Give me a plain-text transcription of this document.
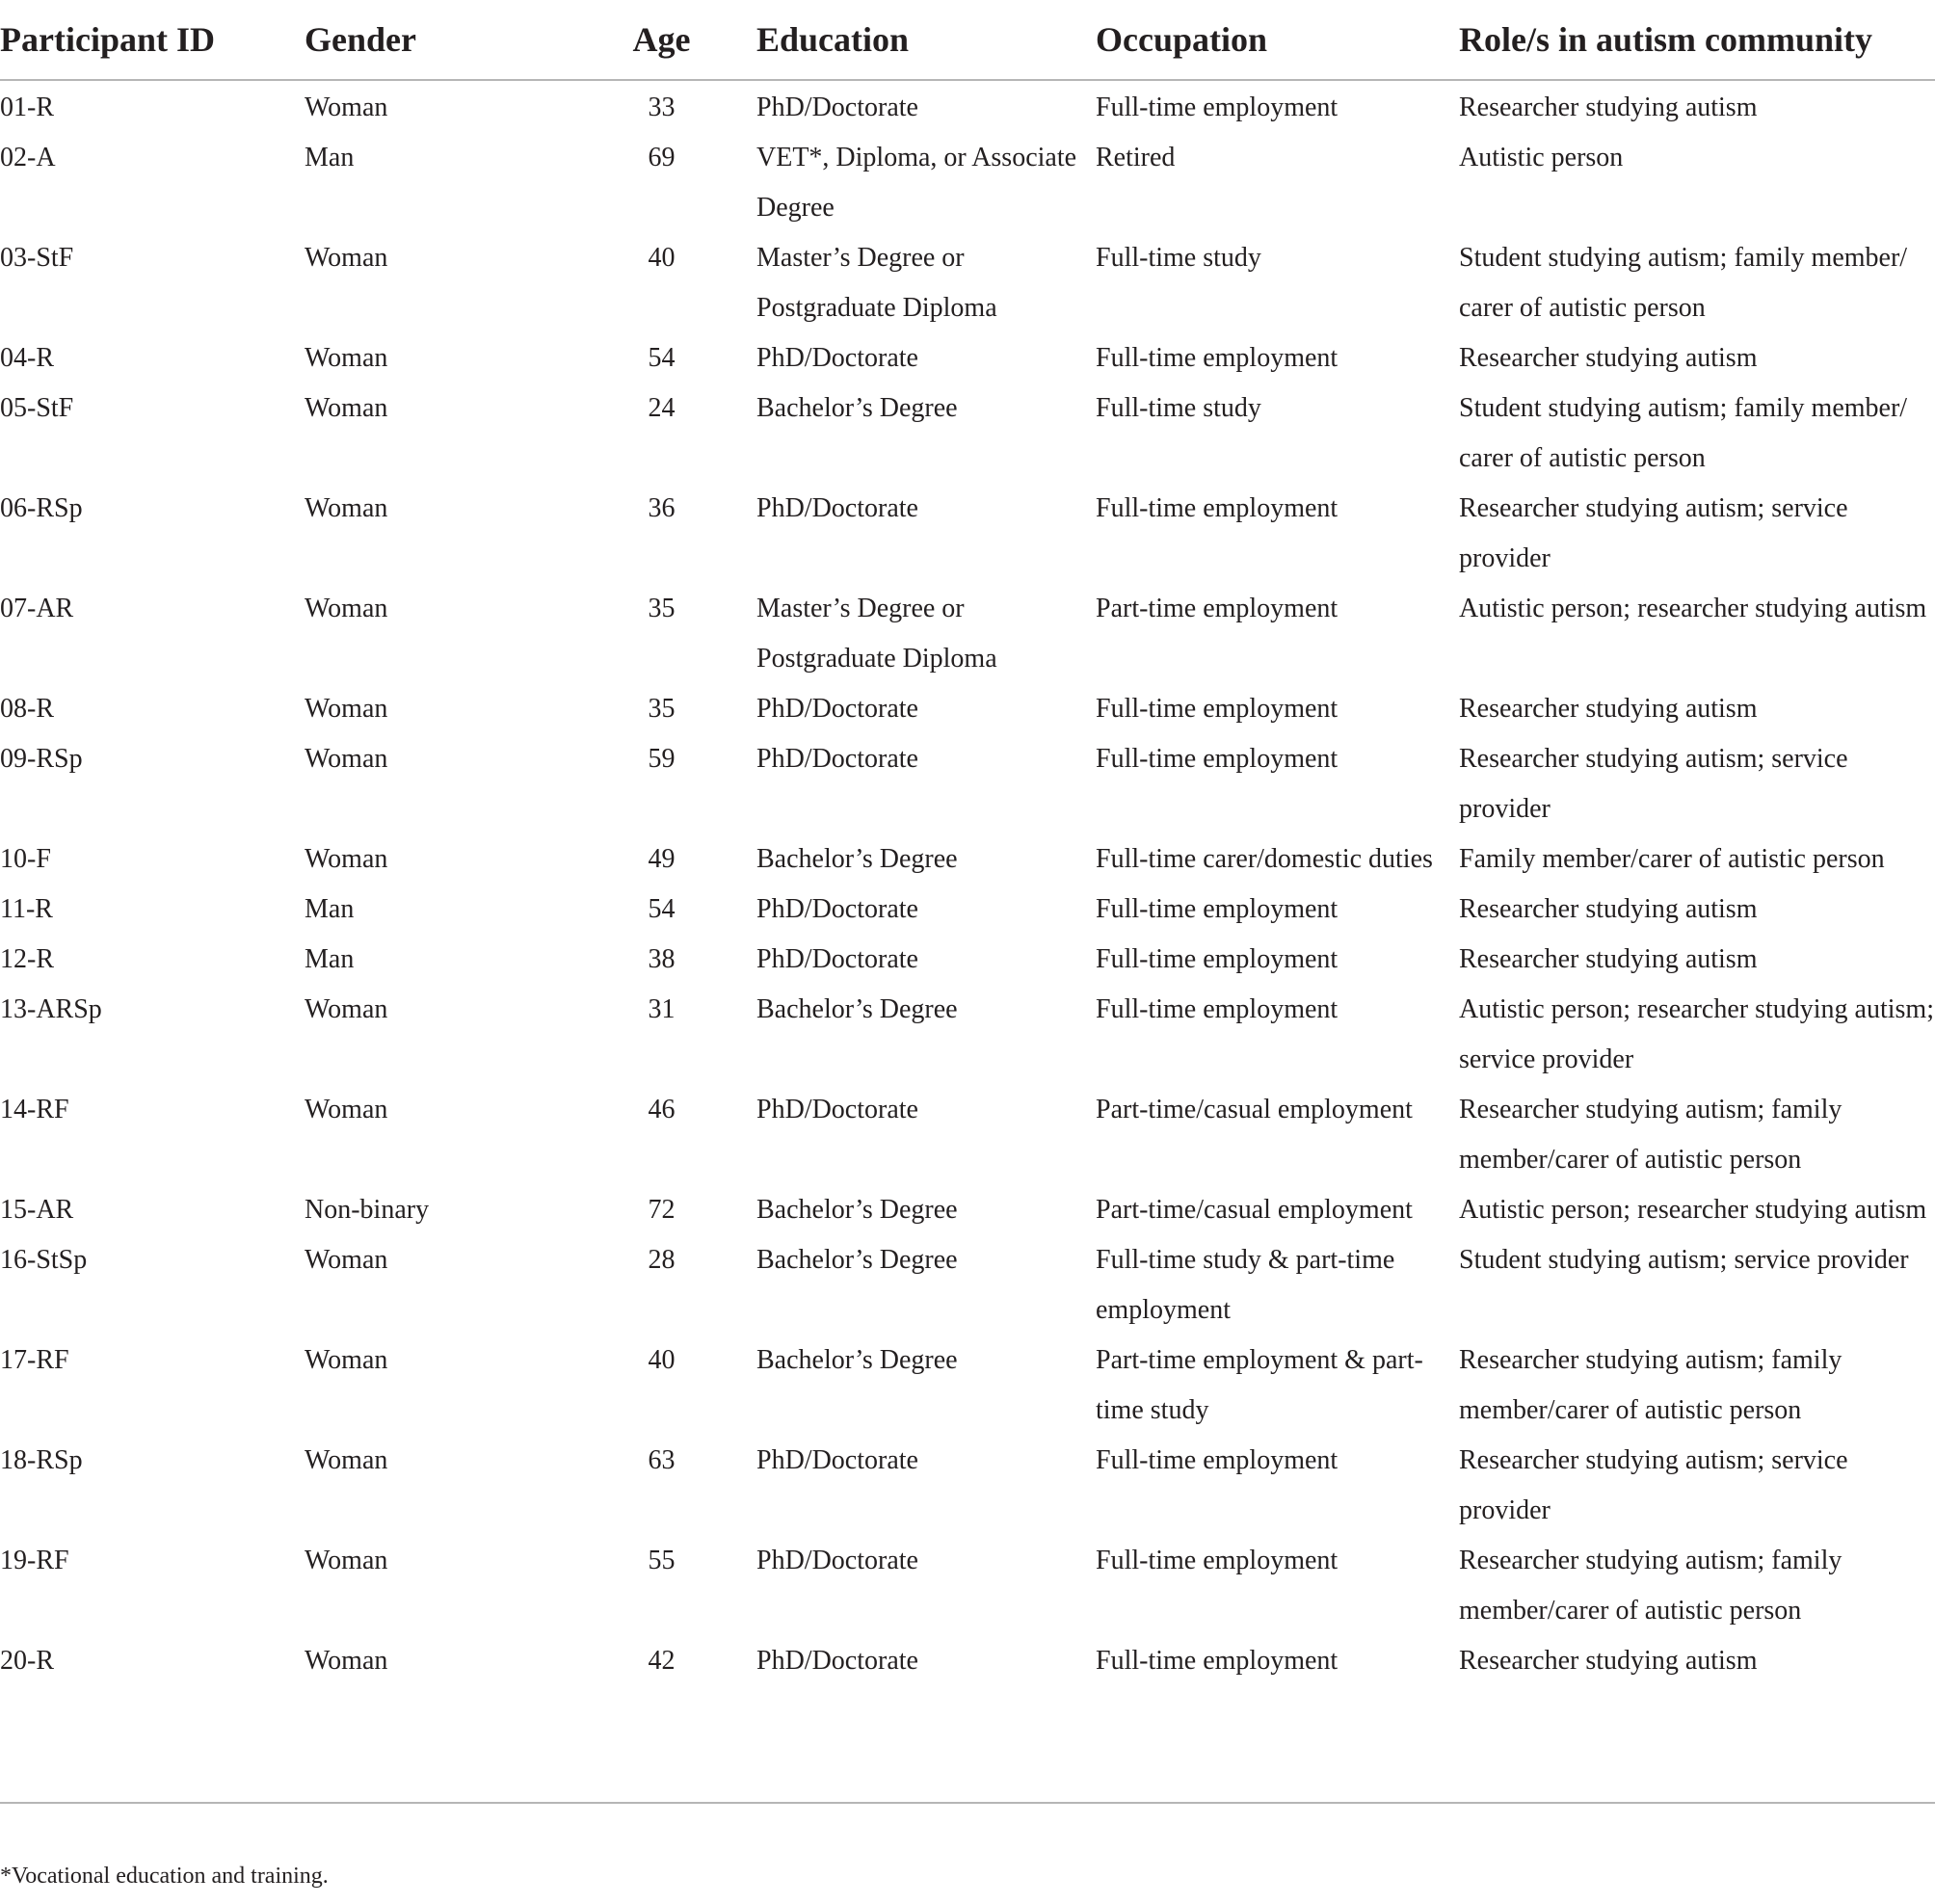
Participant ID	Gender	Age	Education	Occupation	Role/s in autism community
01-R	Woman	33	PhD/Doctorate	Full-time employment	Researcher studying autism
02-A	Man	69	VET*, Diploma, or Associate Degree	Retired	Autistic person
03-StF	Woman	40	Master’s Degree or Postgraduate Diploma	Full-time study	Student studying autism; family member/ carer of autistic person
04-R	Woman	54	PhD/Doctorate	Full-time employment	Researcher studying autism
05-StF	Woman	24	Bachelor’s Degree	Full-time study	Student studying autism; family member/ carer of autistic person
06-RSp	Woman	36	PhD/Doctorate	Full-time employment	Researcher studying autism; service provider
07-AR	Woman	35	Master’s Degree or Postgraduate Diploma	Part-time employment	Autistic person; researcher studying autism
08-R	Woman	35	PhD/Doctorate	Full-time employment	Researcher studying autism
09-RSp	Woman	59	PhD/Doctorate	Full-time employment	Researcher studying autism; service provider
10-F	Woman	49	Bachelor’s Degree	Full-time carer/domestic duties	Family member/carer of autistic person
11-R	Man	54	PhD/Doctorate	Full-time employment	Researcher studying autism
12-R	Man	38	PhD/Doctorate	Full-time employment	Researcher studying autism
13-ARSp	Woman	31	Bachelor’s Degree	Full-time employment	Autistic person; researcher studying autism; service provider
14-RF	Woman	46	PhD/Doctorate	Part-time/casual employment	Researcher studying autism; family member/carer of autistic person
15-AR	Non-binary	72	Bachelor’s Degree	Part-time/casual employment	Autistic person; researcher studying autism
16-StSp	Woman	28	Bachelor’s Degree	Full-time study & part-time employment	Student studying autism; service provider
17-RF	Woman	40	Bachelor’s Degree	Part-time employment & part-time study	Researcher studying autism; family member/carer of autistic person
18-RSp	Woman	63	PhD/Doctorate	Full-time employment	Researcher studying autism; service provider
19-RF	Woman	55	PhD/Doctorate	Full-time employment	Researcher studying autism; family member/carer of autistic person
20-R	Woman	42	PhD/Doctorate	Full-time employment	Researcher studying autism
*Vocational education and training.
